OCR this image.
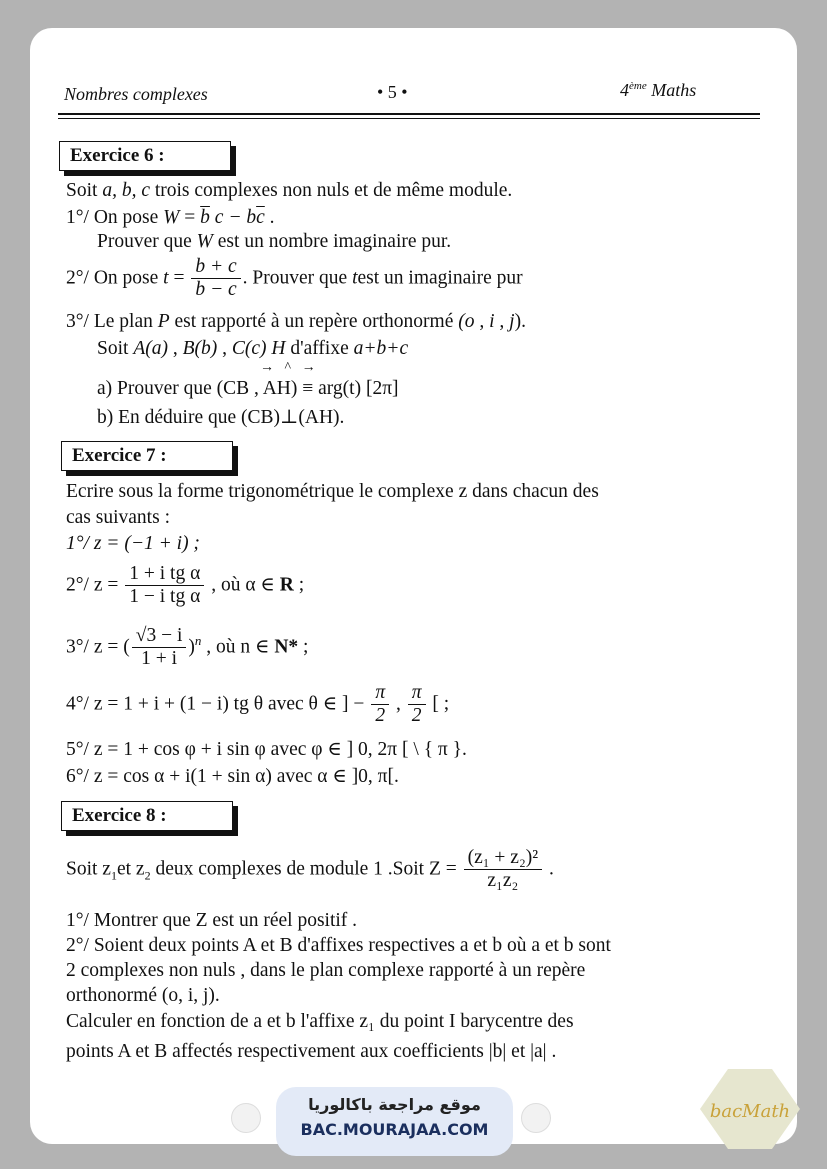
Nombres complexes	• 5 •	4ème Maths
Exercice 6 :
Soit a, b, c trois complexes non nuls et de même module.
1°/ On pose $W = \overline{b}$ $c - b\overline{c}$ .
Prouver que W est un nombre imaginaire pur.
2°/ On pose $t = \frac{b + c}{b - c}$ . Prouver que test un imaginaire pur
3°/ Le plan P est rapporté à un repère orthonormé (o , i , j).
Soit A(a) , B(b) , C(c) H d'affixe a+b+c
→   ^   →
a) Prouver que (CB , AH) ≡ arg(t) [2π]
b) En déduire que (CB)⊥(AH).
Exercice 7 :
Ecrire sous la forme trigonométrique le complexe z dans chacun des
cas suivants :
1°/ z = (−1 + i) ;
2°/ $z = \frac{\text{1 + i tg α}}{\text{1 − i tg α}}$ , où α ∈ R ;
3°/ z = ( $\frac{√3 - i}{1 + i} )^n$ , où n ∈ N* ;
4°/ z = 1 + i + (1 − i) tg θ avec θ ∈ ] − $\frac{\pi}{2}$ , $\frac{\pi}{2}$ [ ;
5°/ z = 1 + cos φ + i sin φ avec φ ∈ ] 0, 2π [ \ { π }.
6°/ z = cos α + i(1 + sin α) avec α ∈ ]0, π[.
Exercice 8 :
Soit $z_1et$ $z_2$ deux complexes de module 1 .Soit $Z = \frac{\text{(z₁ + z₂)²}}{\text{z₁z₂}}$ .
1°/ Montrer que Z est un réel positif .
2°/ Soient deux points A et B d'affixes respectives a et b où a et b sont
2 complexes non nuls , dans le plan complexe rapporté à un repère
orthonormé (o, i, j).
Calculer en fonction de a et b l'affixe z₁ du point I barycentre des
points A et B affectés respectivement aux coefficients |b| et |a| .
موقع مراجعة باكالوريا
BAC.MOURAJAA.COM
bacMath
